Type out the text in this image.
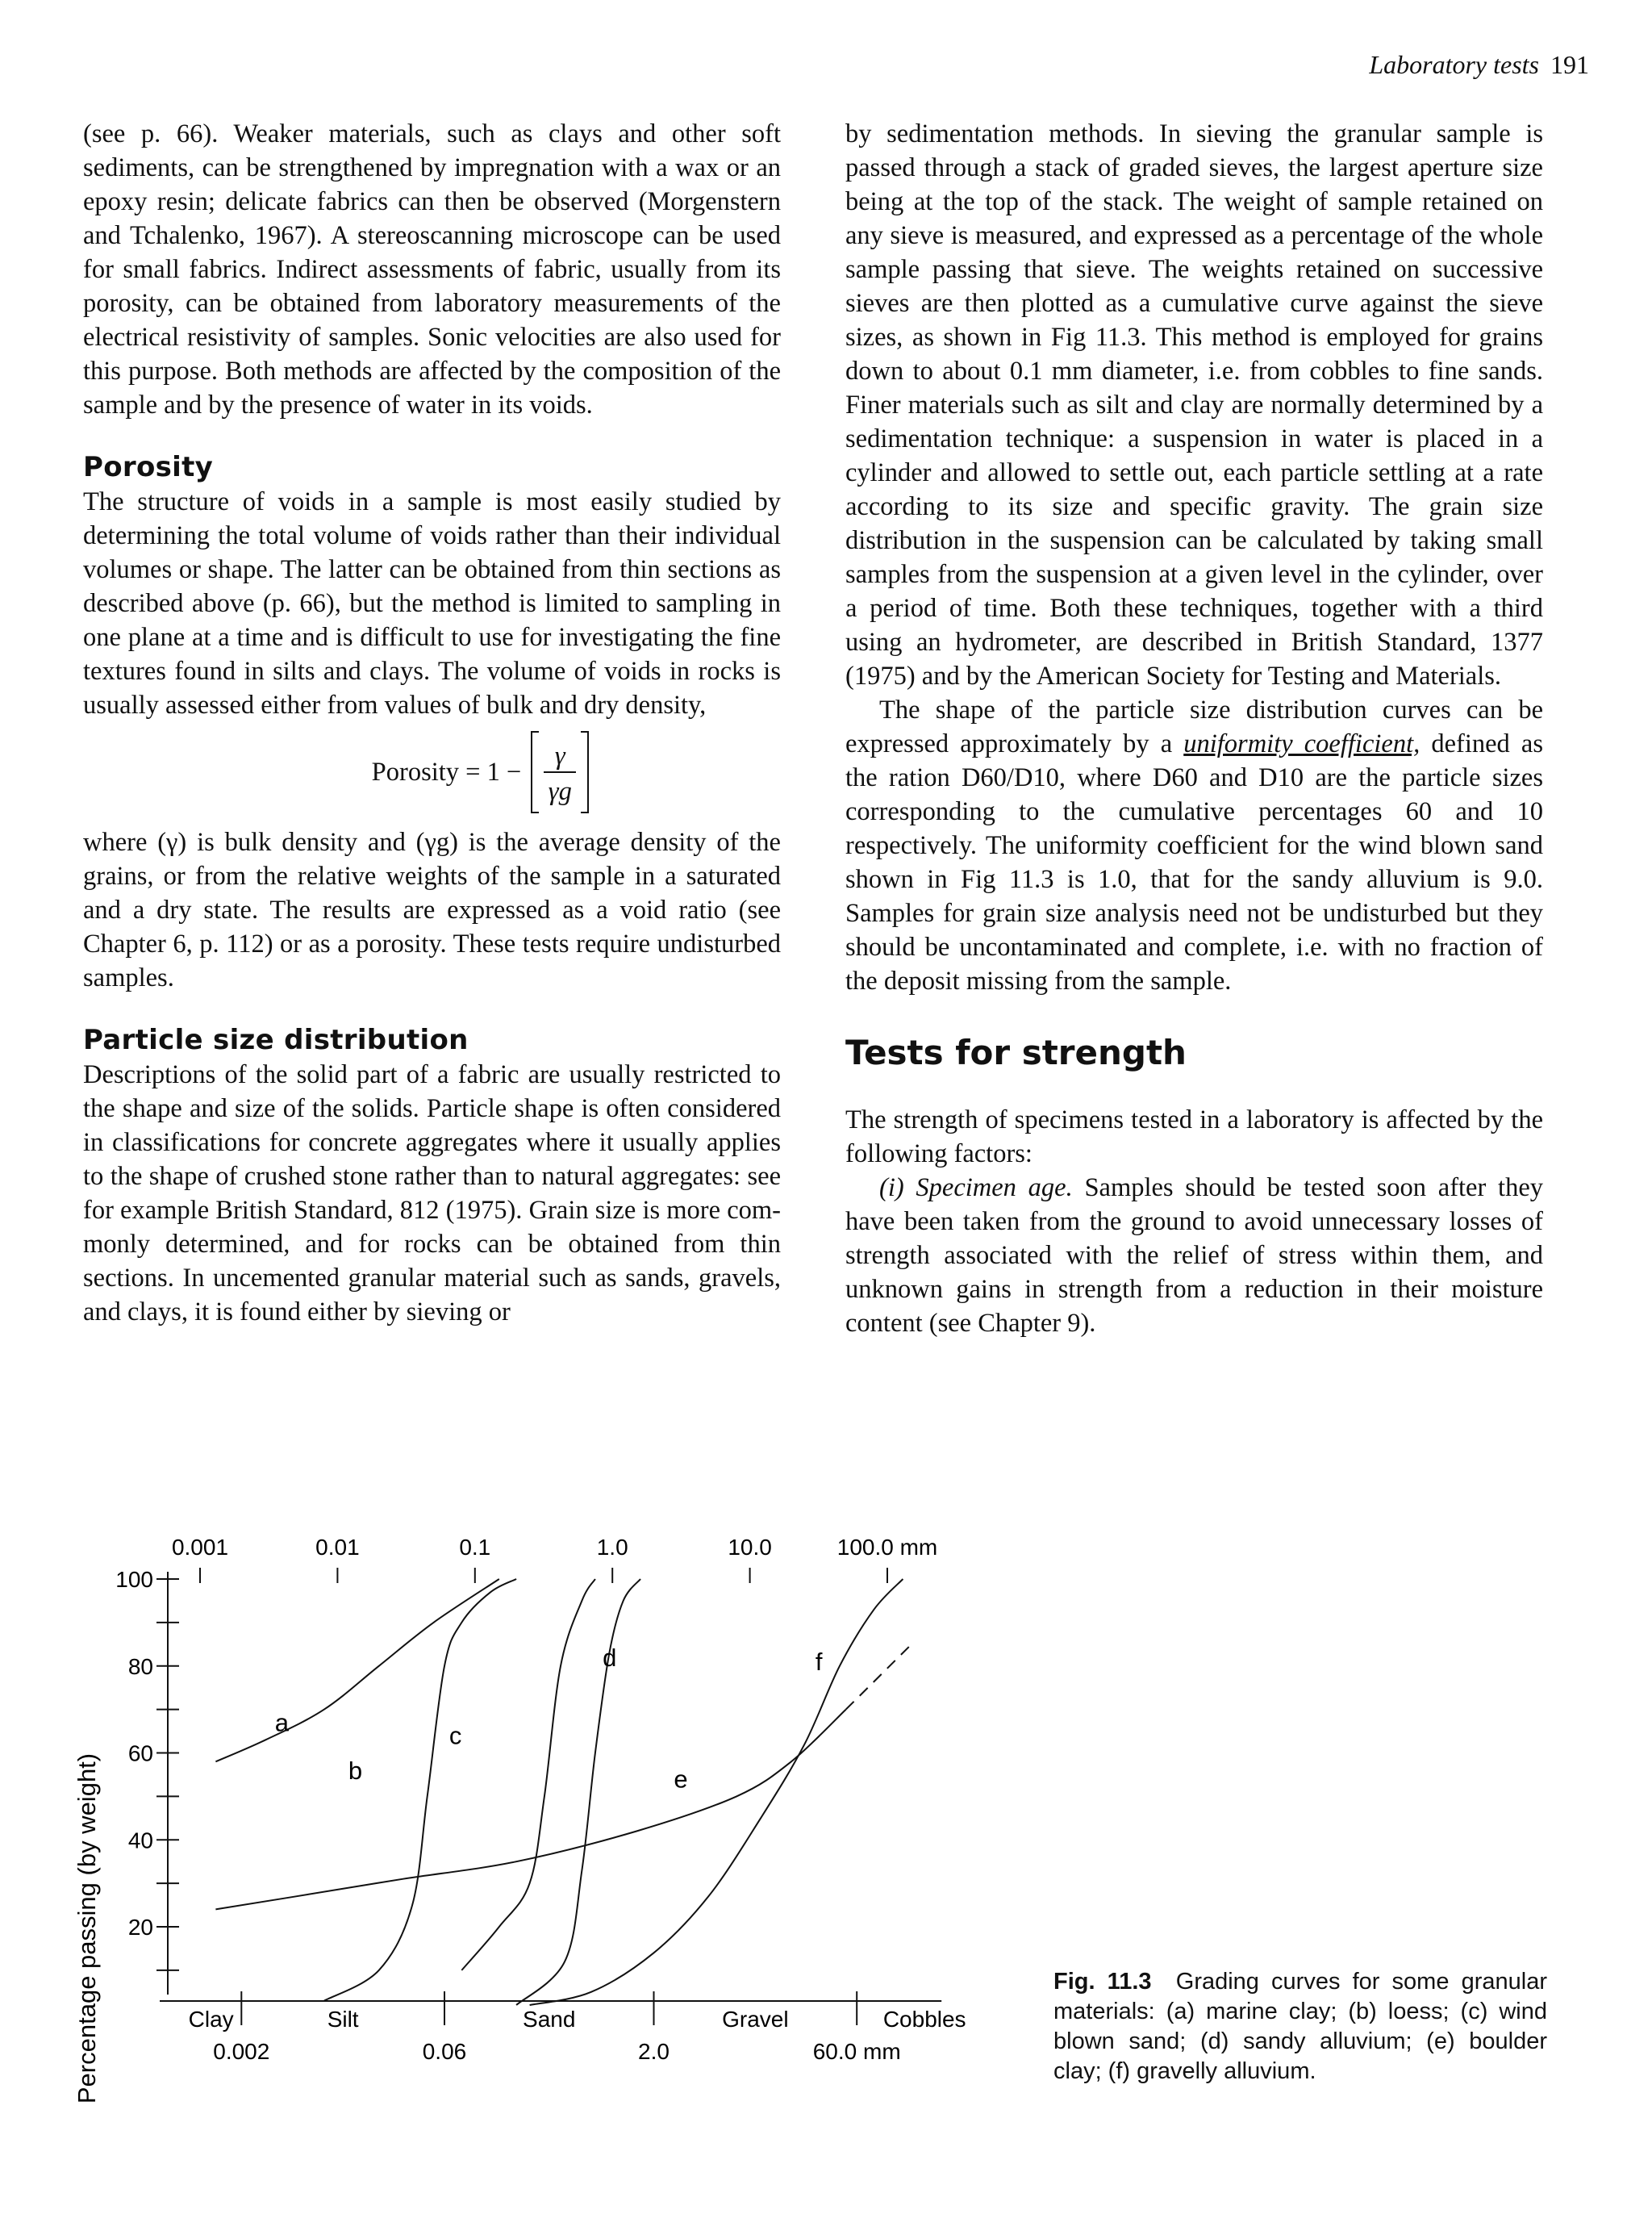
Laboratory tests 191

(see p. 66). Weaker materials, such as clays and other soft sediments, can be strengthened by impregnation with a wax or an epoxy resin; delicate fabrics can then be observed (Morgenstern and Tchalenko, 1967). A stereoscanning microscope can be used for small fabrics. Indirect assessments of fabric, usually from its porosity, can be obtained from laboratory measurements of the electrical resistivity of samples. Sonic velocities are also used for this purpose. Both methods are affected by the composition of the sample and by the presence of water in its voids.

Porosity

The structure of voids in a sample is most easily studied by determining the total volume of voids rather than their individual volumes or shape. The latter can be obtained from thin sections as described above (p. 66), but the method is limited to sampling in one plane at a time and is difficult to use for investigating the fine textures found in silts and clays. The volume of voids in rocks is usually assessed either from values of bulk and dry density,

Porosity = $1 - \frac{\gamma}{\gamma g}$

where (γ) is bulk density and (γg) is the average density of the grains, or from the relative weights of the sample in a saturated and a dry state. The results are expressed as a void ratio (see Chapter 6, p. 112) or as a porosity. These tests require undisturbed samples.

Particle size distribution

Descriptions of the solid part of a fabric are usually restricted to the shape and size of the solids. Particle shape is often considered in classifications for concrete aggregates where it usually applies to the shape of crushed stone rather than to natural aggregates: see for example British Standard, 812 (1975). Grain size is more commonly determined, and for rocks can be obtained from thin sections. In uncemented granular material such as sands, gravels, and clays, it is found either by sieving or

by sedimentation methods. In sieving the granular sample is passed through a stack of graded sieves, the largest aperture size being at the top of the stack. The weight of sample retained on any sieve is measured, and expressed as a percentage of the whole sample passing that sieve. The weights retained on successive sieves are then plotted as a cumulative curve against the sieve sizes, as shown in Fig 11.3. This method is employed for grains down to about 0.1 mm diameter, i.e. from cobbles to fine sands. Finer materials such as silt and clay are normally determined by a sedimentation technique: a suspension in water is placed in a cylinder and allowed to settle out, each particle settling at a rate according to its size and specific gravity. The grain size distribution in the suspension can be calculated by taking small samples from the suspension at a given level in the cylinder, over a period of time. Both these techniques, together with a third using an hydrometer, are described in British Standard, 1377 (1975) and by the American Society for Testing and Materials.

The shape of the particle size distribution curves can be expressed approximately by a uniformity coefficient, defined as the ration D60/D10, where D60 and D10 are the particle sizes corresponding to the cumulative percentages 60 and 10 respectively. The uniformity coefficient for the wind blown sand shown in Fig 11.3 is 1.0, that for the sandy alluvium is 9.0. Samples for grain size analysis need not be undisturbed but they should be uncontaminated and complete, i.e. with no fraction of the deposit missing from the sample.

Tests for strength

The strength of specimens tested in a laboratory is affected by the following factors:

(i) Specimen age. Samples should be tested soon after they have been taken from the ground to avoid unnecessary losses of strength associated with the relief of stress within them, and unknown gains in strength from a reduction in their moisture content (see Chapter 9).

Percentage passing (by weight) 20
40
60
80
100
0.001	0.01	0.1	1.0	10.0	100.0 mm
0.002	0.06	2.0	60.0 mm
Clay	Silt	Sand	Gravel	Cobbles
a
b
c
d
e
f
Fig. 11.3 Grading curves for some granular materials: (a) marine clay; (b) loess; (c) wind blown sand; (d) sandy alluvium; (e) boulder clay; (f) gravelly alluvium.
